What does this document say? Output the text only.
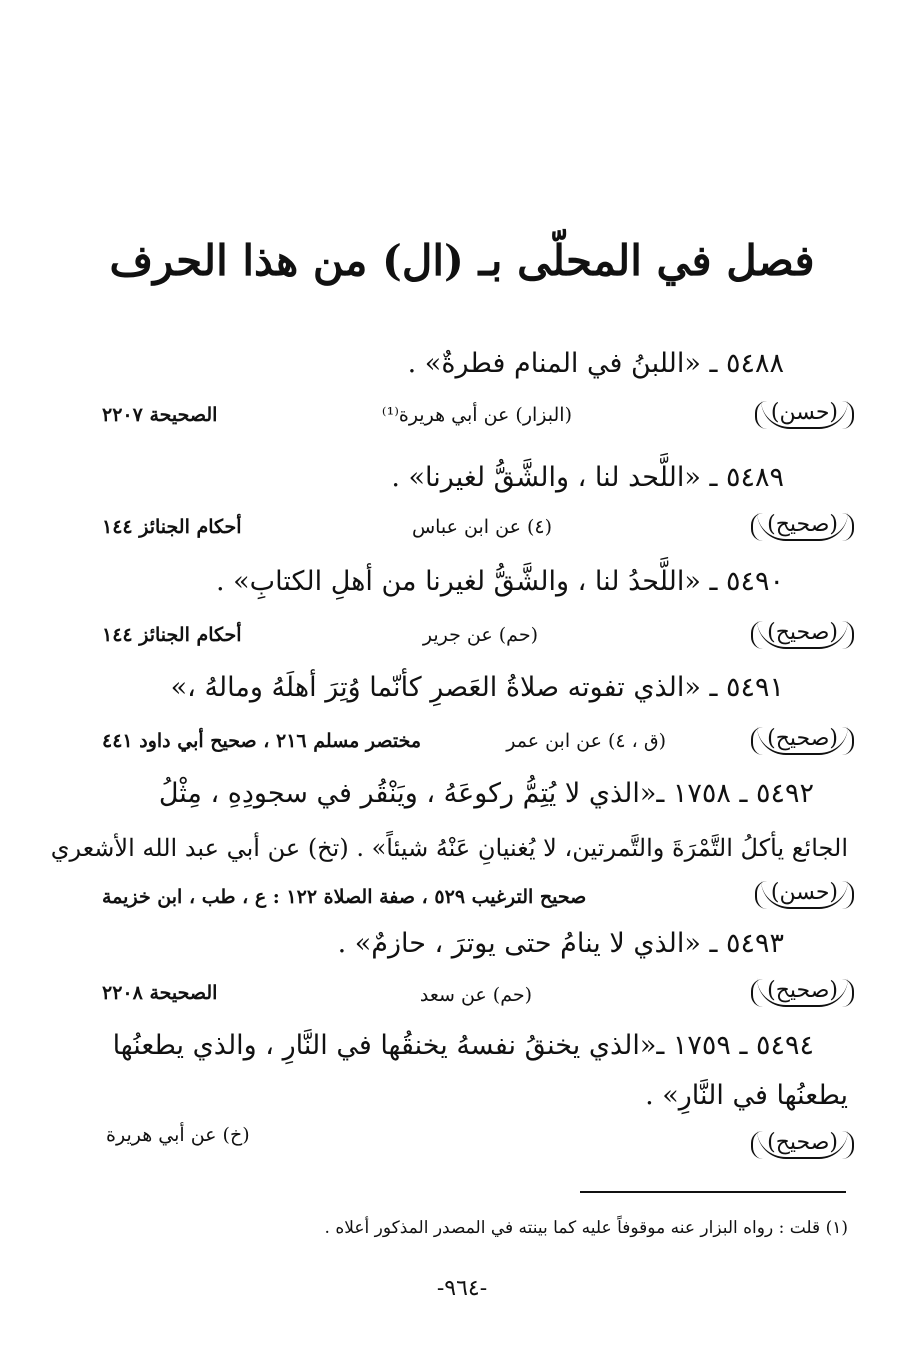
فصل في المحلّى بـ (ال) من هذا الحرف
٥٤٨٨ ـ «اللبنُ في المنام فطرةٌ» .
(حسن)
(البزار) عن أبي هريرة⁽¹⁾
الصحيحة ٢٢٠٧
٥٤٨٩ ـ «اللَّحد لنا ، والشَّقُّ لغيرنا» .
(صحيح)
(٤) عن ابن عباس
أحكام الجنائز ١٤٤
٥٤٩٠ ـ «اللَّحدُ لنا ، والشَّقُّ لغيرنا من أهلِ الكتابِ» .
(صحيح)
(حم) عن جرير
أحكام الجنائز ١٤٤
٥٤٩١ ـ «الذي تفوته صلاةُ العَصرِ كأنّما وُتِرَ أهلَهُ ومالهُ ،»
(صحيح)
(ق ، ٤) عن ابن عمر
مختصر مسلم ٢١٦ ، صحيح أبي داود ٤٤١
٥٤٩٢ ـ ١٧٥٨ ـ«الذي لا يُتِمُّ ركوعَهُ ، ويَنْقُر في سجودِهِ ، مِثْلُ
الجائع يأكلُ التَّمْرَةَ والتَّمرتين، لا يُغنيانِ عَنْهُ شيئاً» . (تخ) عن أبي عبد الله الأشعري
(حسن)
صحيح الترغيب ٥٢٩ ، صفة الصلاة ١٢٢ : ع ، طب ، ابن خزيمة
٥٤٩٣ ـ «الذي لا ينامُ حتى يوترَ ، حازمٌ» .
(صحيح)
(حم) عن سعد
الصحيحة ٢٢٠٨
٥٤٩٤ ـ ١٧٥٩ ـ«الذي يخنقُ نفسهُ يخنقُها في النَّارِ ، والذي يطعنُها
يطعنُها في النَّارِ» .
(صحيح)
(خ) عن أبي هريرة
(١) قلت : رواه البزار عنه موقوفاً عليه كما بينته في المصدر المذكور أعلاه .
-٩٦٤-
